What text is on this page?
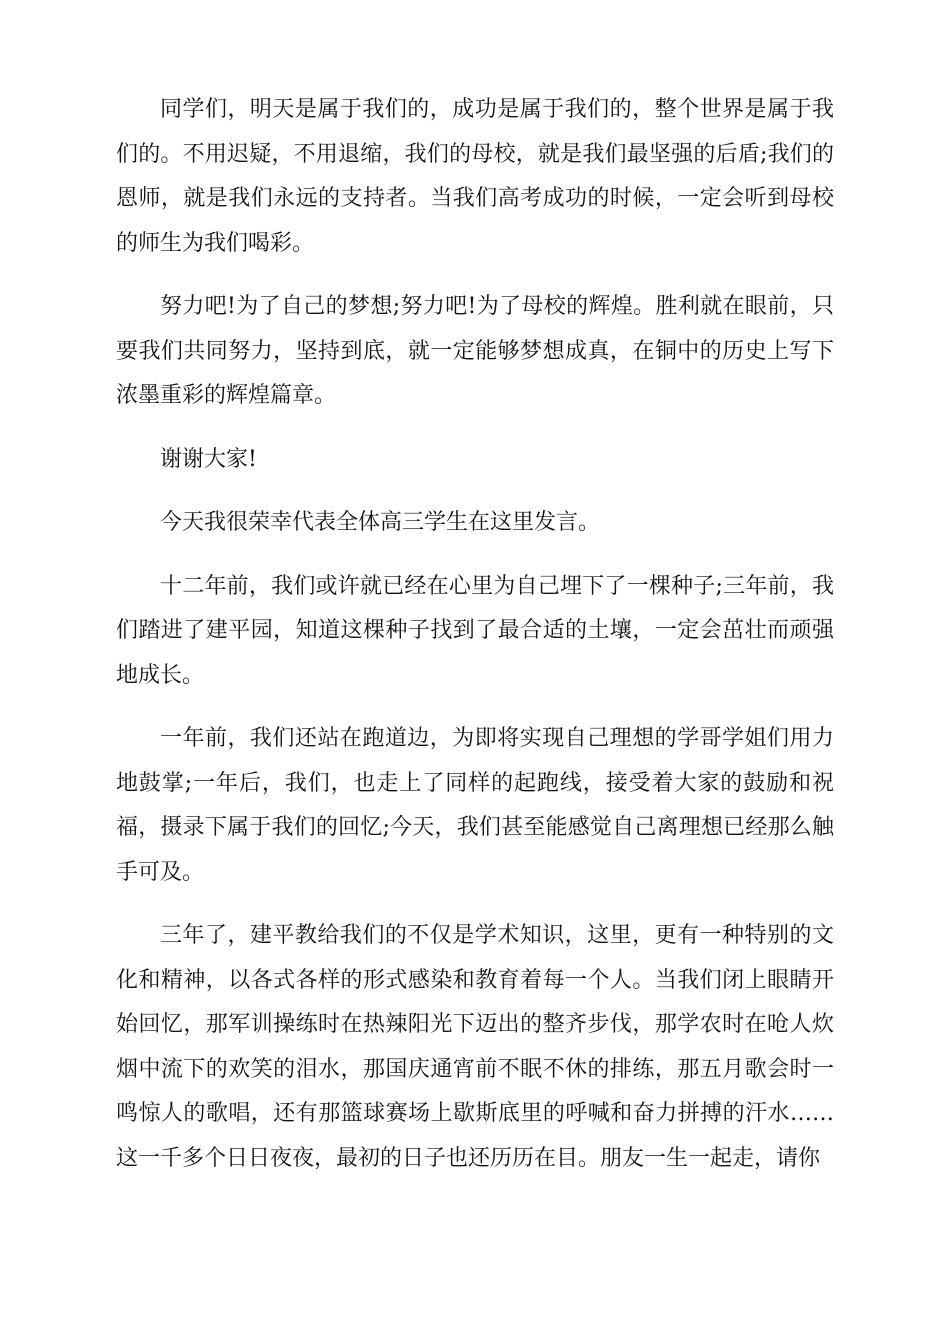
同学们，明天是属于我们的，成功是属于我们的，整个世界是属于我们的。不用迟疑，不用退缩，我们的母校，就是我们最坚强的后盾;我们的恩师，就是我们永远的支持者。当我们高考成功的时候，一定会听到母校的师生为我们喝彩。

努力吧!为了自己的梦想;努力吧!为了母校的辉煌。胜利就在眼前，只要我们共同努力，坚持到底，就一定能够梦想成真，在铜中的历史上写下浓墨重彩的辉煌篇章。

谢谢大家!

今天我很荣幸代表全体高三学生在这里发言。

十二年前，我们或许就已经在心里为自己埋下了一棵种子;三年前，我们踏进了建平园，知道这棵种子找到了最合适的土壤，一定会茁壮而顽强地成长。

一年前，我们还站在跑道边，为即将实现自己理想的学哥学姐们用力地鼓掌;一年后，我们，也走上了同样的起跑线，接受着大家的鼓励和祝福，摄录下属于我们的回忆;今天，我们甚至能感觉自己离理想已经那么触手可及。

三年了，建平教给我们的不仅是学术知识，这里，更有一种特别的文化和精神，以各式各样的形式感染和教育着每一个人。当我们闭上眼睛开始回忆，那军训操练时在热辣阳光下迈出的整齐步伐，那学农时在呛人炊烟中流下的欢笑的泪水，那国庆通宵前不眠不休的排练，那五月歌会时一鸣惊人的歌唱，还有那篮球赛场上歇斯底里的呼喊和奋力拼搏的汗水……这一千多个日日夜夜，最初的日子也还历历在目。朋友一生一起走，请你
